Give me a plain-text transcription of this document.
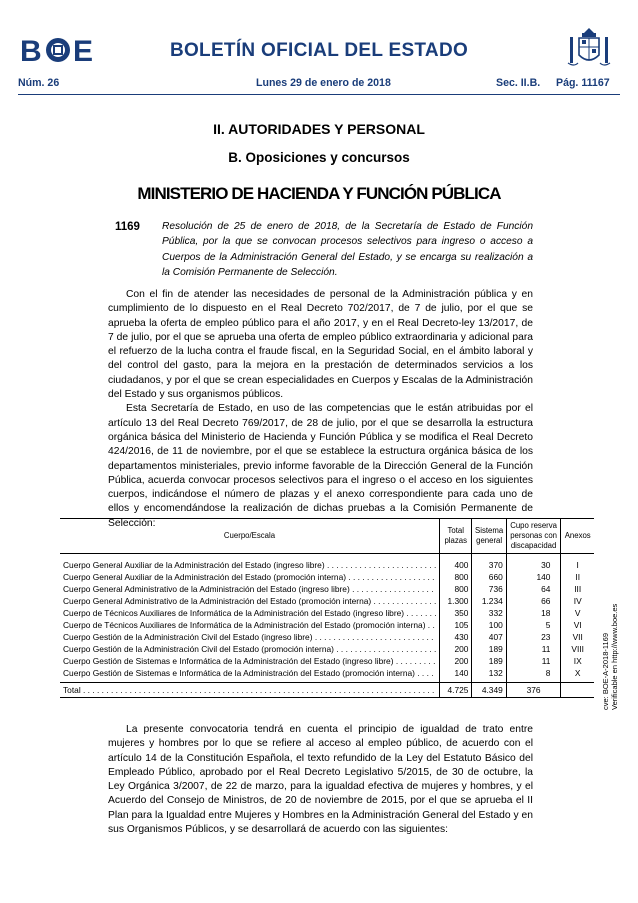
B E	BOLETÍN OFICIAL DEL ESTADO
Núm. 26	Lunes 29 de enero de 2018	Sec. II.B. Pág. 11167
II. AUTORIDADES Y PERSONAL
B. Oposiciones y concursos
MINISTERIO DE HACIENDA Y FUNCIÓN PÚBLICA
1169 Resolución de 25 de enero de 2018, de la Secretaría de Estado de Función Pública, por la que se convocan procesos selectivos para ingreso o acceso a Cuerpos de la Administración General del Estado, y se encarga su realización a la Comisión Permanente de Selección.

Con el fin de atender las necesidades de personal de la Administración pública y en cumplimiento de lo dispuesto en el Real Decreto 702/2017, de 7 de julio, por el que se aprueba la oferta de empleo público para el año 2017, y en el Real Decreto-ley 13/2017, de 7 de julio, por el que se aprueba una oferta de empleo público extraordinaria y adicional para el refuerzo de la lucha contra el fraude fiscal, en la Seguridad Social, en el ámbito laboral y del control del gasto, para la mejora en la prestación de determinados servicios a los ciudadanos, y por el que se crean especialidades en Cuerpos y Escalas de la Administración del Estado y sus organismos públicos.

Esta Secretaría de Estado, en uso de las competencias que le están atribuidas por el artículo 13 del Real Decreto 769/2017, de 28 de julio, por el que se desarrolla la estructura orgánica básica del Ministerio de Hacienda y Función Pública y se modifica el Real Decreto 424/2016, de 11 de noviembre, por el que se establece la estructura orgánica básica de los departamentos ministeriales, previo informe favorable de la Dirección General de la Función Pública, acuerda convocar procesos selectivos para el ingreso o el acceso en los siguientes cuerpos, indicándose el número de plazas y el anexo correspondiente para cada uno de ellos y encomendándose la realización de dichas pruebas a la Comisión Permanente de Selección:

Cuerpo/Escala	Total plazas	Sistema general	Cupo reserva personas con discapacidad	Anexos

Cuerpo General Auxiliar de la Administración del Estado (ingreso libre) . . .	400	370	30	I

Cuerpo General Auxiliar de la Administración del Estado (promoción interna) . . .	800	660	140	II

Cuerpo General Administrativo de la Administración del Estado (ingreso libre) . . .	800	736	64	III

Cuerpo General Administrativo de la Administración del Estado (promoción interna) . . .	1.300	1.234	66	IV

Cuerpo de Técnicos Auxiliares de Informática de la Administración del Estado (ingreso libre) . . .	350	332	18	V

Cuerpo de Técnicos Auxiliares de Informática de la Administración del Estado (promoción interna) . . .	105	100	5	VI

Cuerpo Gestión de la Administración Civil del Estado (ingreso libre) . . .	430	407	23	VII

Cuerpo Gestión de la Administración Civil del Estado (promoción interna) . . .	200	189	11	VIII

Cuerpo Gestión de Sistemas e Informática de la Administración del Estado (ingreso libre) . . .	200	189	11	IX

Cuerpo Gestión de Sistemas e Informática de la Administración del Estado (promoción interna) . . .	140	132	8	X

Total . . .	4.725	4.349	376	

La presente convocatoria tendrá en cuenta el principio de igualdad de trato entre mujeres y hombres por lo que se refiere al acceso al empleo público, de acuerdo con el artículo 14 de la Constitución Española, el texto refundido de la Ley del Estatuto Básico del Empleado Público, aprobado por el Real Decreto Legislativo 5/2015, de 30 de octubre, la Ley Orgánica 3/2007, de 22 de marzo, para la igualdad efectiva de mujeres y hombres, y el Acuerdo del Consejo de Ministros, de 20 de noviembre de 2015, por el que se aprueba el II Plan para la Igualdad entre Mujeres y Hombres en la Administración General del Estado y en sus Organismos Públicos, y se desarrollará de acuerdo con las siguientes:

cve: BOE-A-2018-1169 Verificable en http://www.boe.es
